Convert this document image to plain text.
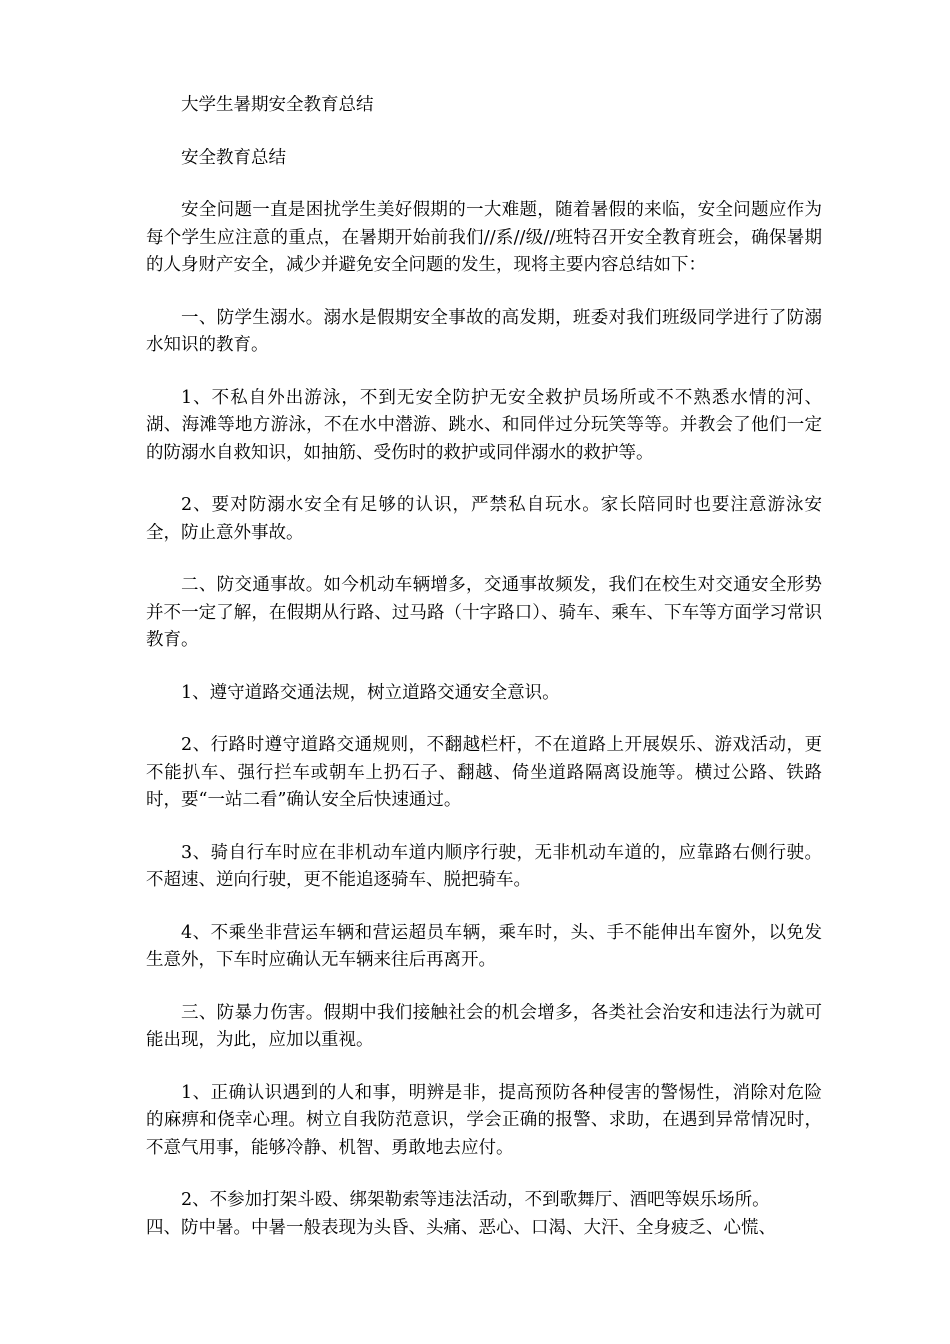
大学生暑期安全教育总结

安全教育总结

安全问题一直是困扰学生美好假期的一大难题，随着暑假的来临，安全问题应作为每个学生应注意的重点，在暑期开始前我们//系//级//班特召开安全教育班会，确保暑期的人身财产安全，减少并避免安全问题的发生，现将主要内容总结如下：

一、防学生溺水。溺水是假期安全事故的高发期，班委对我们班级同学进行了防溺水知识的教育。

1、不私自外出游泳，不到无安全防护无安全救护员场所或不不熟悉水情的河、湖、海滩等地方游泳，不在水中潜游、跳水、和同伴过分玩笑等等。并教会了他们一定的防溺水自救知识，如抽筋、受伤时的救护或同伴溺水的救护等。

2、要对防溺水安全有足够的认识，严禁私自玩水。家长陪同时也要注意游泳安全，防止意外事故。

二、防交通事故。如今机动车辆增多，交通事故频发，我们在校生对交通安全形势并不一定了解，在假期从行路、过马路（十字路口）、骑车、乘车、下车等方面学习常识教育。

1、遵守道路交通法规，树立道路交通安全意识。

2、行路时遵守道路交通规则，不翻越栏杆，不在道路上开展娱乐、游戏活动，更不能扒车、强行拦车或朝车上扔石子、翻越、倚坐道路隔离设施等。横过公路、铁路时，要“一站二看”确认安全后快速通过。

3、骑自行车时应在非机动车道内顺序行驶，无非机动车道的，应靠路右侧行驶。不超速、逆向行驶，更不能追逐骑车、脱把骑车。

4、不乘坐非营运车辆和营运超员车辆，乘车时，头、手不能伸出车窗外，以免发生意外，下车时应确认无车辆来往后再离开。

三、防暴力伤害。假期中我们接触社会的机会增多，各类社会治安和违法行为就可能出现，为此，应加以重视。

1、正确认识遇到的人和事，明辨是非，提高预防各种侵害的警惕性，消除对危险的麻痹和侥幸心理。树立自我防范意识，学会正确的报警、求助，在遇到异常情况时，不意气用事，能够冷静、机智、勇敢地去应付。

2、不参加打架斗殴、绑架勒索等违法活动，不到歌舞厅、酒吧等娱乐场所。

四、防中暑。中暑一般表现为头昏、头痛、恶心、口渴、大汗、全身疲乏、心慌、
